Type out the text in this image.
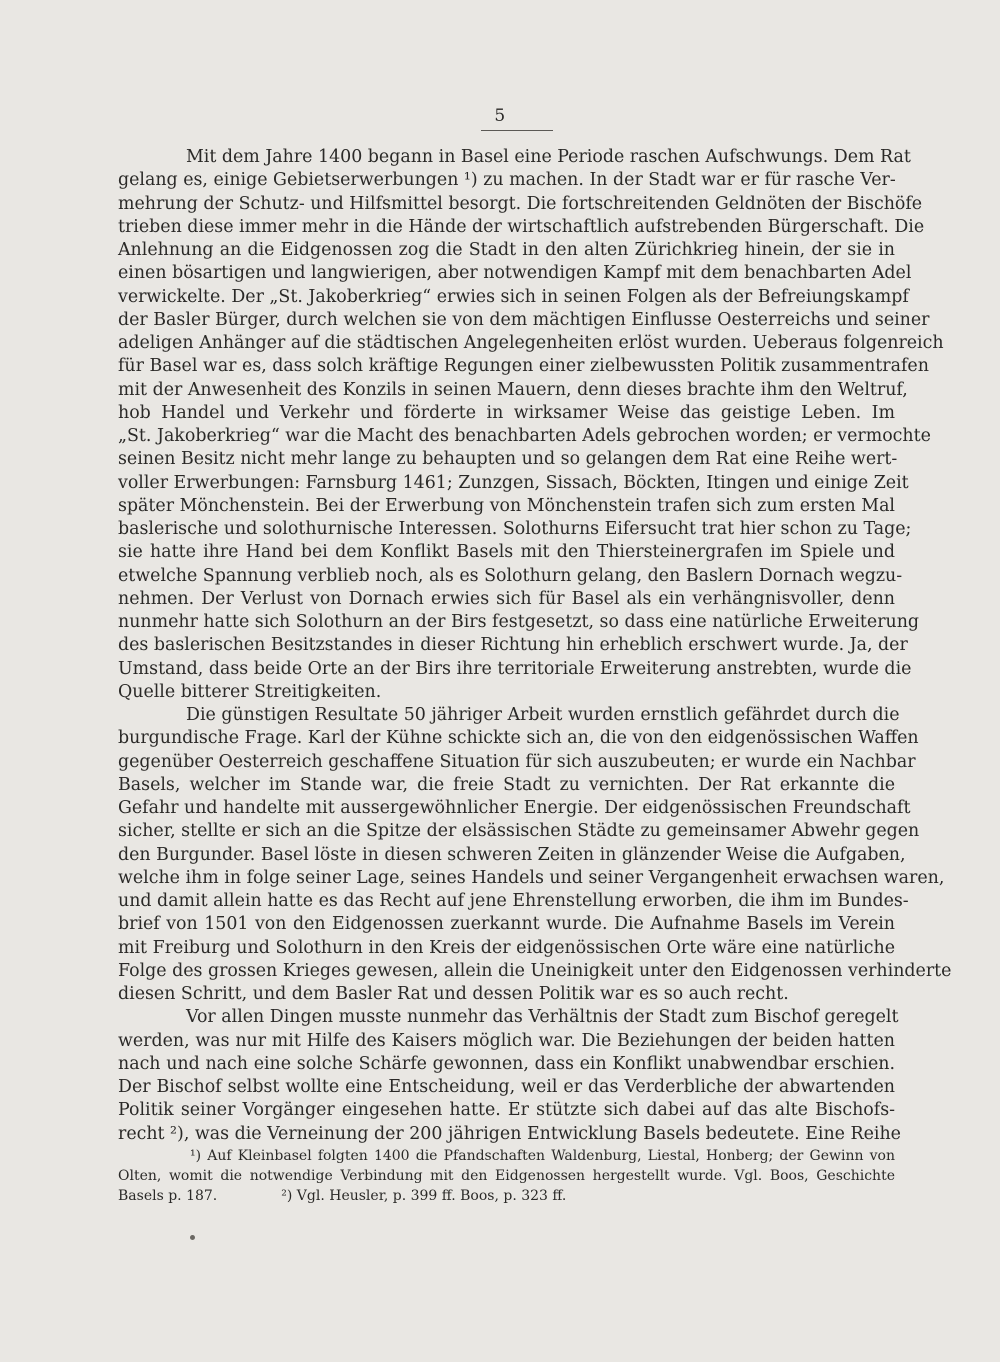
5
Mit dem Jahre 1400 begann in Basel eine Periode raschen Aufschwungs. Dem Rat
gelang es, einige Gebietserwerbungen ¹) zu machen. In der Stadt war er für rasche Ver-
mehrung der Schutz- und Hilfsmittel besorgt. Die fortschreitenden Geldnöten der Bischöfe
trieben diese immer mehr in die Hände der wirtschaftlich aufstrebenden Bürgerschaft. Die
Anlehnung an die Eidgenossen zog die Stadt in den alten Zürichkrieg hinein, der sie in
einen bösartigen und langwierigen, aber notwendigen Kampf mit dem benachbarten Adel
verwickelte. Der „St. Jakoberkrieg“ erwies sich in seinen Folgen als der Befreiungskampf
der Basler Bürger, durch welchen sie von dem mächtigen Einflusse Oesterreichs und seiner
adeligen Anhänger auf die städtischen Angelegenheiten erlöst wurden. Ueberaus folgenreich
für Basel war es, dass solch kräftige Regungen einer zielbewussten Politik zusammentrafen
mit der Anwesenheit des Konzils in seinen Mauern, denn dieses brachte ihm den Weltruf,
hob Handel und Verkehr und förderte in wirksamer Weise das geistige Leben. Im
„St. Jakoberkrieg“ war die Macht des benachbarten Adels gebrochen worden; er vermochte
seinen Besitz nicht mehr lange zu behaupten und so gelangen dem Rat eine Reihe wert-
voller Erwerbungen: Farnsburg 1461; Zunzgen, Sissach, Böckten, Itingen und einige Zeit
später Mönchenstein. Bei der Erwerbung von Mönchenstein trafen sich zum ersten Mal
baslerische und solothurnische Interessen. Solothurns Eifersucht trat hier schon zu Tage;
sie hatte ihre Hand bei dem Konflikt Basels mit den Thiersteinergrafen im Spiele und
etwelche Spannung verblieb noch, als es Solothurn gelang, den Baslern Dornach wegzu-
nehmen. Der Verlust von Dornach erwies sich für Basel als ein verhängnisvoller, denn
nunmehr hatte sich Solothurn an der Birs festgesetzt, so dass eine natürliche Erweiterung
des baslerischen Besitzstandes in dieser Richtung hin erheblich erschwert wurde. Ja, der
Umstand, dass beide Orte an der Birs ihre territoriale Erweiterung anstrebten, wurde die
Quelle bitterer Streitigkeiten.
Die günstigen Resultate 50 jähriger Arbeit wurden ernstlich gefährdet durch die
burgundische Frage. Karl der Kühne schickte sich an, die von den eidgenössischen Waffen
gegenüber Oesterreich geschaffene Situation für sich auszubeuten; er wurde ein Nachbar
Basels, welcher im Stande war, die freie Stadt zu vernichten. Der Rat erkannte die
Gefahr und handelte mit aussergewöhnlicher Energie. Der eidgenössischen Freundschaft
sicher, stellte er sich an die Spitze der elsässischen Städte zu gemeinsamer Abwehr gegen
den Burgunder. Basel löste in diesen schweren Zeiten in glänzender Weise die Aufgaben,
welche ihm in folge seiner Lage, seines Handels und seiner Vergangenheit erwachsen waren,
und damit allein hatte es das Recht auf jene Ehrenstellung erworben, die ihm im Bundes-
brief von 1501 von den Eidgenossen zuerkannt wurde. Die Aufnahme Basels im Verein
mit Freiburg und Solothurn in den Kreis der eidgenössischen Orte wäre eine natürliche
Folge des grossen Krieges gewesen, allein die Uneinigkeit unter den Eidgenossen verhinderte
diesen Schritt, und dem Basler Rat und dessen Politik war es so auch recht.
Vor allen Dingen musste nunmehr das Verhältnis der Stadt zum Bischof geregelt
werden, was nur mit Hilfe des Kaisers möglich war. Die Beziehungen der beiden hatten
nach und nach eine solche Schärfe gewonnen, dass ein Konflikt unabwendbar erschien.
Der Bischof selbst wollte eine Entscheidung, weil er das Verderbliche der abwartenden
Politik seiner Vorgänger eingesehen hatte. Er stützte sich dabei auf das alte Bischofs-
recht ²), was die Verneinung der 200 jährigen Entwicklung Basels bedeutete. Eine Reihe
¹) Auf Kleinbasel folgten 1400 die Pfandschaften Waldenburg, Liestal, Honberg; der Gewinn von
Olten, womit die notwendige Verbindung mit den Eidgenossen hergestellt wurde. Vgl. Boos, Geschichte
Basels p. 187.	²) Vgl. Heusler, p. 399 ff. Boos, p. 323 ff.
